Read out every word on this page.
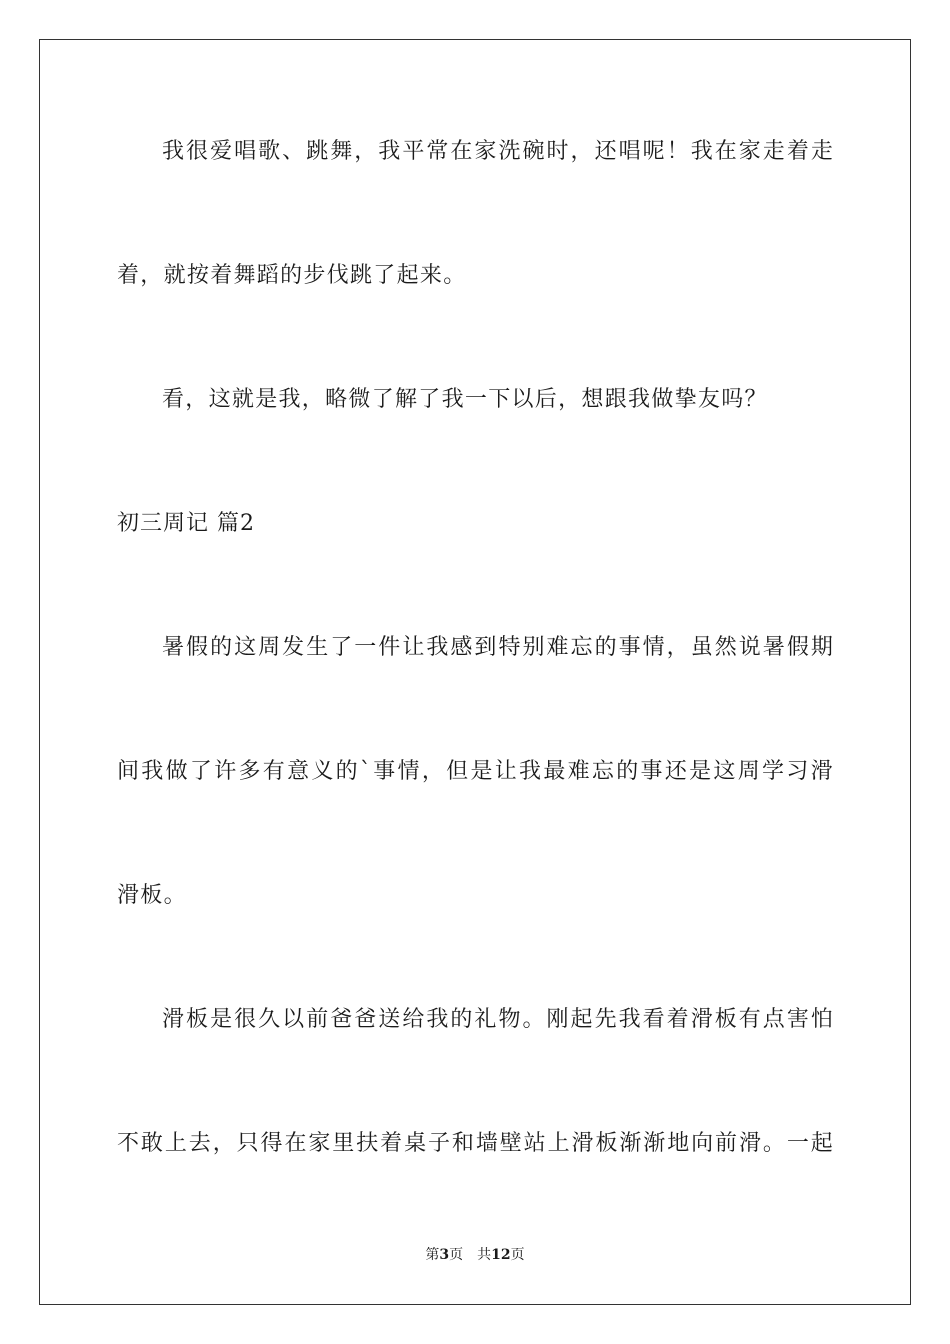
我 很 爱 唱 歌 、 跳 舞 ， 我 平 常 在 家 洗 碗 时 ， 还 唱 呢 ！ 我 在 家 走 着 走
着，就按着舞蹈的步伐跳了起来。
看，这就是我，略微了解了我一下以后，想跟我做挚友吗？
初三周记 篇2
暑 假 的 这 周 发 生 了 一 件 让 我 感 到 特 别 难 忘 的 事 情 ， 虽 然 说 暑 假 期
间 我 做 了 许 多 有 意 义 的 ` 事 情 ， 但 是 让 我 最 难 忘 的 事 还 是 这 周 学 习 滑
滑板。
滑 板 是 很 久 以 前 爸 爸 送 给 我 的 礼 物 。 刚 起 先 我 看 着 滑 板 有 点 害 怕
不 敢 上 去 ， 只 得 在 家 里 扶 着 桌 子 和 墙 壁 站 上 滑 板 渐 渐 地 向 前 滑 。 一 起
第3页 共12页
